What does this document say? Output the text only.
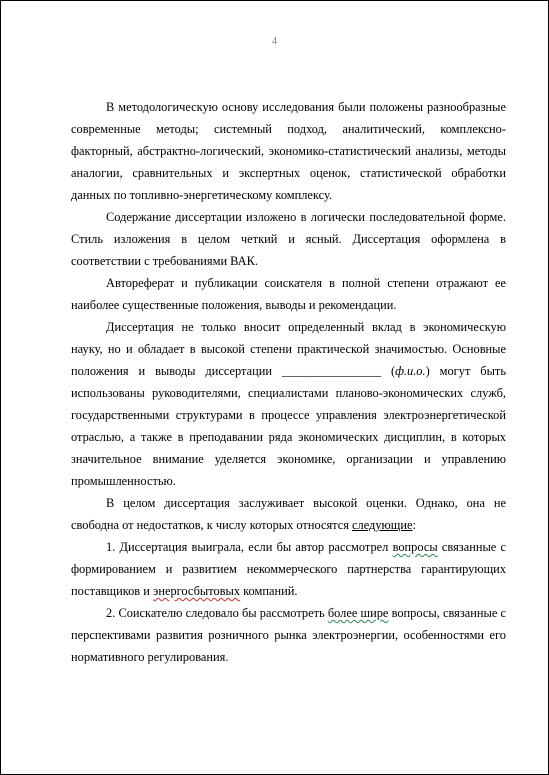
4

В методологическую основу исследования были положены разнообразные современные методы; системный подход, аналитический, комплексно-факторный, абстрактно-логический, экономико-статистический анализы, методы аналогии, сравнительных и экспертных оценок, статистической обработки данных по топливно-энергетическому комплексу.

Содержание диссертации изложено в логически последовательной форме. Стиль изложения в целом четкий и ясный. Диссертация оформлена в соответствии с требованиями ВАК.

Автореферат и публикации соискателя в полной степени отражают ее наиболее существенные положения, выводы и рекомендации.

Диссертация не только вносит определенный вклад в экономическую науку, но и обладает в высокой степени практической значимостью. Основные положения и выводы диссертации ________________ (ф.и.о.) могут быть использованы руководителями, специалистами планово-экономических служб, государственными структурами в процессе управления электроэнергетической отраслью, а также в преподавании ряда экономических дисциплин, в которых значительное внимание уделяется экономике, организации и управлению промышленностью.

В целом диссертация заслуживает высокой оценки. Однако, она не свободна от недостатков, к числу которых относятся следующие:

1. Диссертация выиграла, если бы автор рассмотрел вопросы связанные с формированием и развитием некоммерческого партнерства гарантирующих поставщиков и энергосбытовых компаний.

2. Соискателю следовало бы рассмотреть более шире вопросы, связанные с перспективами развития розничного рынка электроэнергии, особенностями его нормативного регулирования.
